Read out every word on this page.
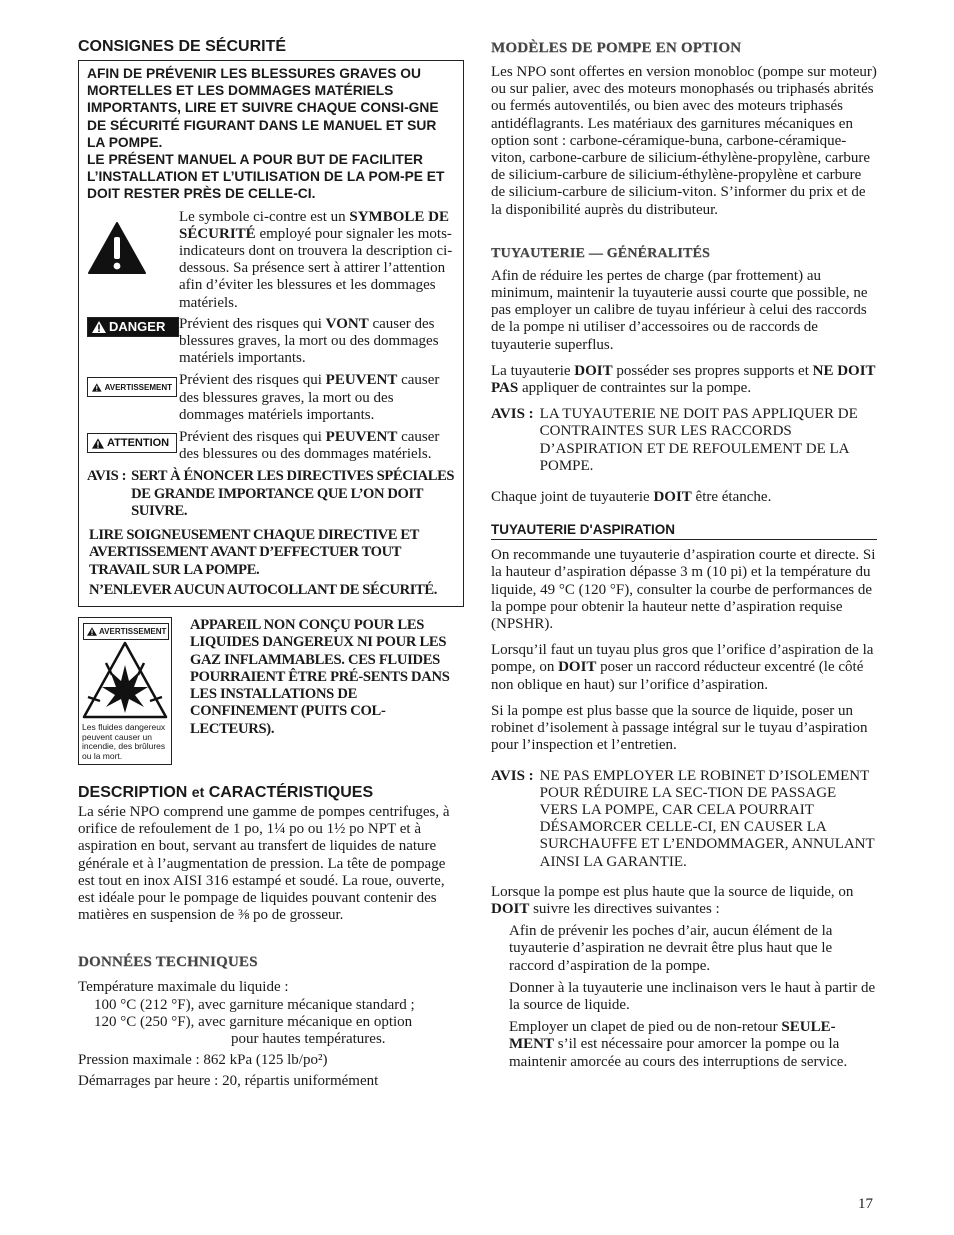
CONSIGNES DE SÉCURITÉ

AFIN DE PRÉVENIR LES BLESSURES GRAVES OU MORTELLES ET LES DOMMAGES MATÉRIELS IMPORTANTS, LIRE ET SUIVRE CHAQUE CONSI-GNE DE SÉCURITÉ FIGURANT DANS LE MANUEL ET SUR LA POMPE.

LE PRÉSENT MANUEL A POUR BUT DE FACILITER L’INSTALLATION ET L’UTILISATION DE LA POM-PE ET DOIT RESTER PRÈS DE CELLE-CI.

Le symbole ci-contre est un SYMBOLE DE SÉCURITÉ employé pour signaler les mots-indicateurs dont on trouvera la description ci-dessous. Sa présence sert à attirer l’attention afin d’éviter les blessures et les dommages matériels.

DANGER Prévient des risques qui VONT causer des blessures graves, la mort ou des dommages matériels importants.

AVERTISSEMENT Prévient des risques qui PEUVENT causer des blessures graves, la mort ou des dommages matériels importants.

ATTENTION Prévient des risques qui PEUVENT causer des blessures ou des dommages matériels.

AVIS : SERT À ÉNONCER LES DIRECTIVES SPÉCIALES DE GRANDE IMPORTANCE QUE L’ON DOIT SUIVRE.

LIRE SOIGNEUSEMENT CHAQUE DIRECTIVE ET AVERTISSEMENT AVANT D’EFFECTUER TOUT TRAVAIL SUR LA POMPE.

N’ENLEVER AUCUN AUTOCOLLANT DE SÉCURITÉ.

AVERTISSEMENT

Les fluides dangereux peuvent causer un incendie, des brûlures ou la mort.

APPAREIL NON CONÇU POUR LES LIQUIDES DANGEREUX NI POUR LES GAZ INFLAMMABLES. CES FLUIDES POURRAIENT ÊTRE PRÉ-SENTS DANS LES INSTALLATIONS DE CONFINEMENT (PUITS COL-LECTEURS).

DESCRIPTION et CARACTÉRISTIQUES

La série NPO comprend une gamme de pompes centrifuges, à orifice de refoulement de 1 po, 1¼ po ou 1½ po NPT et à aspiration en bout, servant au transfert de liquides de nature générale et à l’augmentation de pression. La tête de pompage est tout en inox AISI 316 estampé et soudé. La roue, ouverte, est idéale pour le pompage de liquides pouvant contenir des matières en suspension de ⅜ po de grosseur.

DONNÉES TECHNIQUES

Température maximale du liquide :

100 °C (212 °F), avec garniture mécanique standard ;

120 °C (250 °F), avec garniture mécanique en option

pour hautes températures.

Pression maximale : 862 kPa (125 lb/po²)

Démarrages par heure : 20, répartis uniformément

MODÈLES DE POMPE EN OPTION

Les NPO sont offertes en version monobloc (pompe sur moteur) ou sur palier, avec des moteurs monophasés ou triphasés abrités ou fermés autoventilés, ou bien avec des moteurs triphasés antidéflagrants. Les matériaux des garnitures mécaniques en option sont : carbone-céramique-buna, carbone-céramique-viton, carbone-carbure de silicium-éthylène-propylène, carbure de silicium-carbure de silicium-éthylène-propylène et carbure de silicium-carbure de silicium-viton. S’informer du prix et de la disponibilité auprès du distributeur.

TUYAUTERIE — GÉNÉRALITÉS

Afin de réduire les pertes de charge (par frottement) au minimum, maintenir la tuyauterie aussi courte que possible, ne pas employer un calibre de tuyau inférieur à celui des raccords de la pompe ni utiliser d’accessoires ou de raccords de tuyauterie superflus.

La tuyauterie DOIT posséder ses propres supports et NE DOIT PAS appliquer de contraintes sur la pompe.

AVIS : LA TUYAUTERIE NE DOIT PAS APPLIQUER DE CONTRAINTES SUR LES RACCORDS D’ASPIRATION ET DE REFOULEMENT DE LA POMPE.

Chaque joint de tuyauterie DOIT être étanche.

TUYAUTERIE D'ASPIRATION

On recommande une tuyauterie d’aspiration courte et directe. Si la hauteur d’aspiration dépasse 3 m (10 pi) et la température du liquide, 49 °C (120 °F), consulter la courbe de performances de la pompe pour obtenir la hauteur nette d’aspiration requise (NPSHR).

Lorsqu’il faut un tuyau plus gros que l’orifice d’aspiration de la pompe, on DOIT poser un raccord réducteur excentré (le côté non oblique en haut) sur l’orifice d’aspiration.

Si la pompe est plus basse que la source de liquide, poser un robinet d’isolement à passage intégral sur le tuyau d’aspiration pour l’inspection et l’entretien.

AVIS : NE PAS EMPLOYER LE ROBINET D’ISOLEMENT POUR RÉDUIRE LA SEC-TION DE PASSAGE VERS LA POMPE, CAR CELA POURRAIT DÉSAMORCER CELLE-CI, EN CAUSER LA SURCHAUFFE ET L’ENDOMMAGER, ANNULANT AINSI LA GARANTIE.

Lorsque la pompe est plus haute que la source de liquide, on DOIT suivre les directives suivantes :

Afin de prévenir les poches d’air, aucun élément de la tuyauterie d’aspiration ne devrait être plus haut que le raccord d’aspiration de la pompe.

Donner à la tuyauterie une inclinaison vers le haut à partir de la source de liquide.

Employer un clapet de pied ou de non-retour SEULE-MENT s’il est nécessaire pour amorcer la pompe ou la maintenir amorcée au cours des interruptions de service.

17
